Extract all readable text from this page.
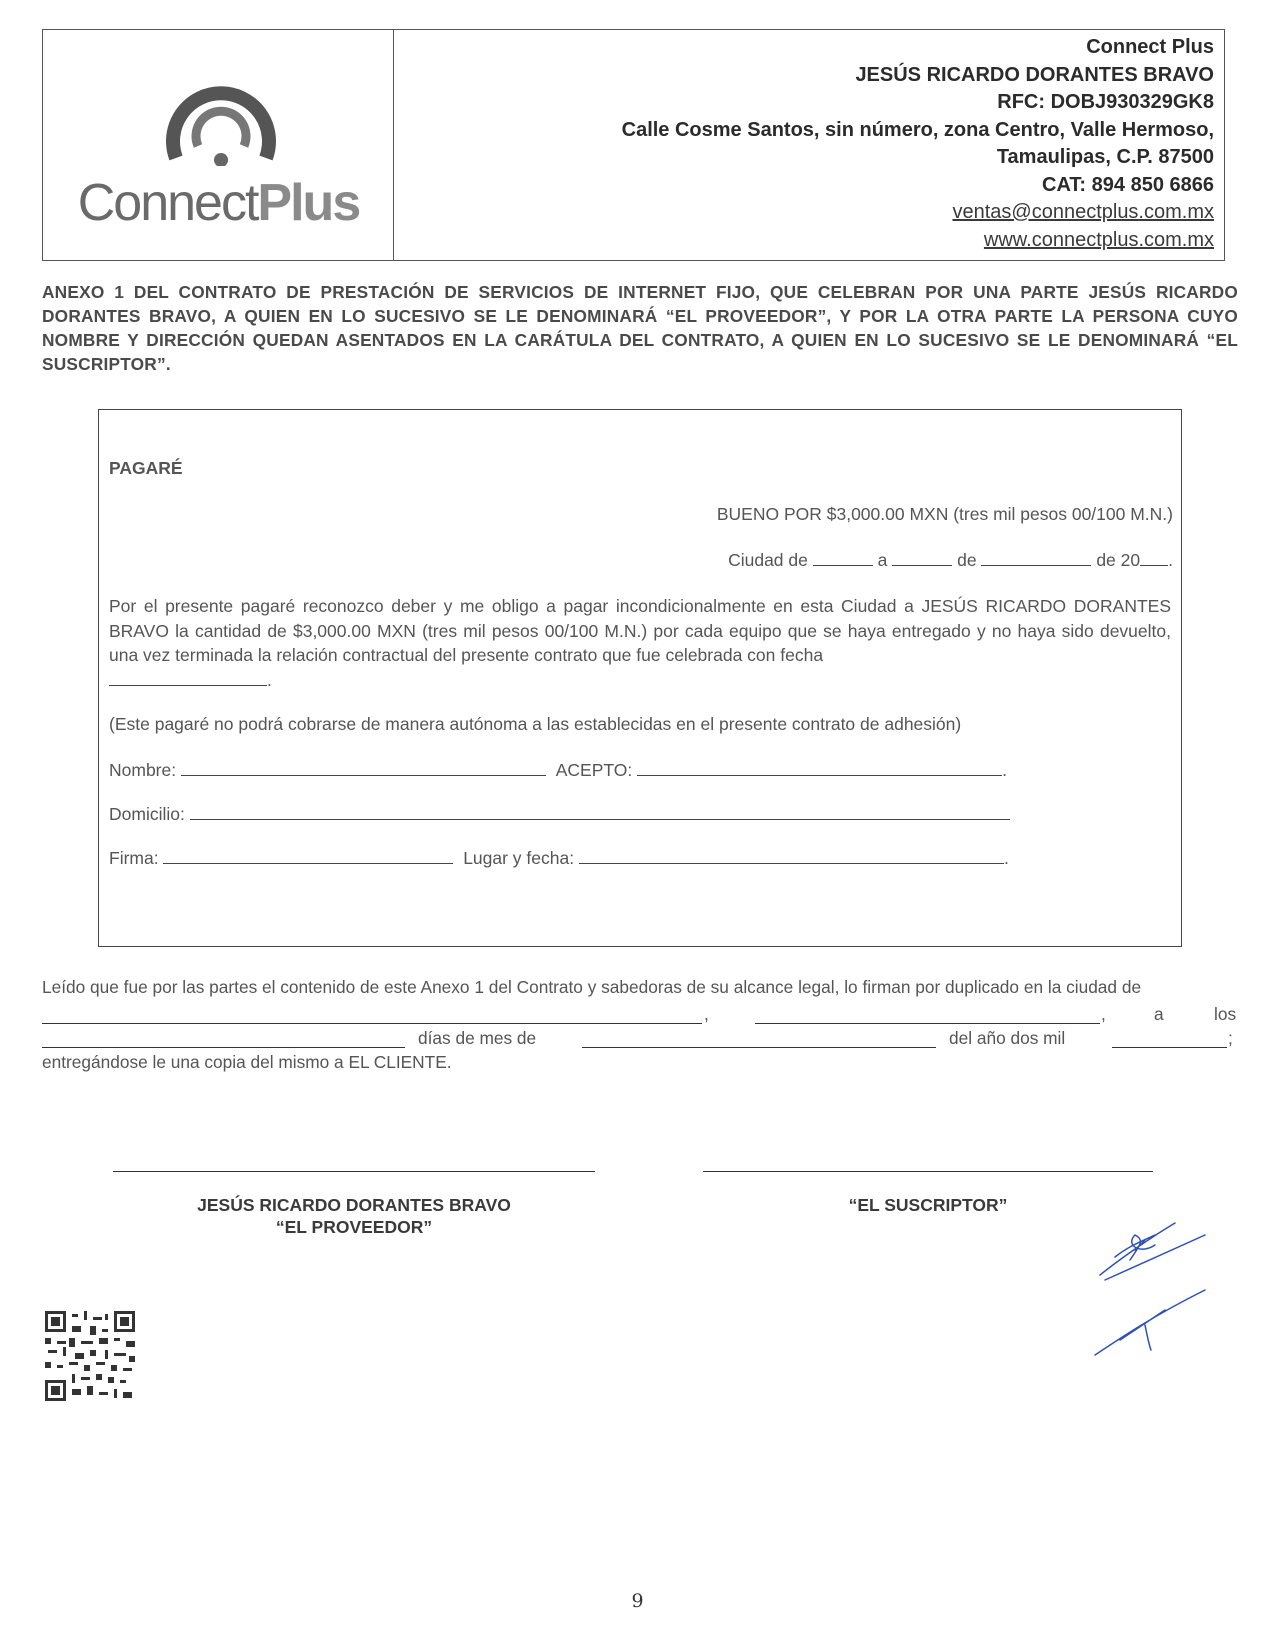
ConnectPlus
Connect Plus
JESÚS RICARDO DORANTES BRAVO
RFC: DOBJ930329GK8
Calle Cosme Santos, sin número, zona Centro, Valle Hermoso,
Tamaulipas, C.P. 87500
CAT: 894 850 6866
ventas@connectplus.com.mx
www.connectplus.com.mx
ANEXO 1 DEL CONTRATO DE PRESTACIÓN DE SERVICIOS DE INTERNET FIJO, QUE CELEBRAN POR UNA PARTE JESÚS RICARDO DORANTES BRAVO, A QUIEN EN LO SUCESIVO SE LE DENOMINARÁ “EL PROVEEDOR”, Y POR LA OTRA PARTE LA PERSONA CUYO NOMBRE Y DIRECCIÓN QUEDAN ASENTADOS EN LA CARÁTULA DEL CONTRATO, A QUIEN EN LO SUCESIVO SE LE DENOMINARÁ “EL SUSCRIPTOR”.
PAGARÉ
BUENO POR $3,000.00 MXN (tres mil pesos 00/100 M.N.)
Ciudad de	a	de	de 20 .
Por el presente pagaré reconozco deber y me obligo a pagar incondicionalmente en esta Ciudad a JESÚS RICARDO DORANTES BRAVO la cantidad de $3,000.00 MXN (tres mil pesos 00/100 M.N.) por cada equipo que se haya entregado y no haya sido devuelto, una vez terminada la relación contractual del presente contrato que fue celebrada con fecha
.
(Este pagaré no podrá cobrarse de manera autónoma a las establecidas en el presente contrato de adhesión)
Nombre:	ACEPTO:	.
Domicilio:
Firma:	Lugar y fecha:	.
Leído que fue por las partes el contenido de este Anexo 1 del Contrato y sabedoras de su alcance legal, lo firman por duplicado en la ciudad de
,	,	a	los
días de mes de	del año dos mil	;
entregándose le una copia del mismo a EL CLIENTE.
JESÚS RICARDO DORANTES BRAVO
“EL PROVEEDOR”
“EL SUSCRIPTOR”
9
